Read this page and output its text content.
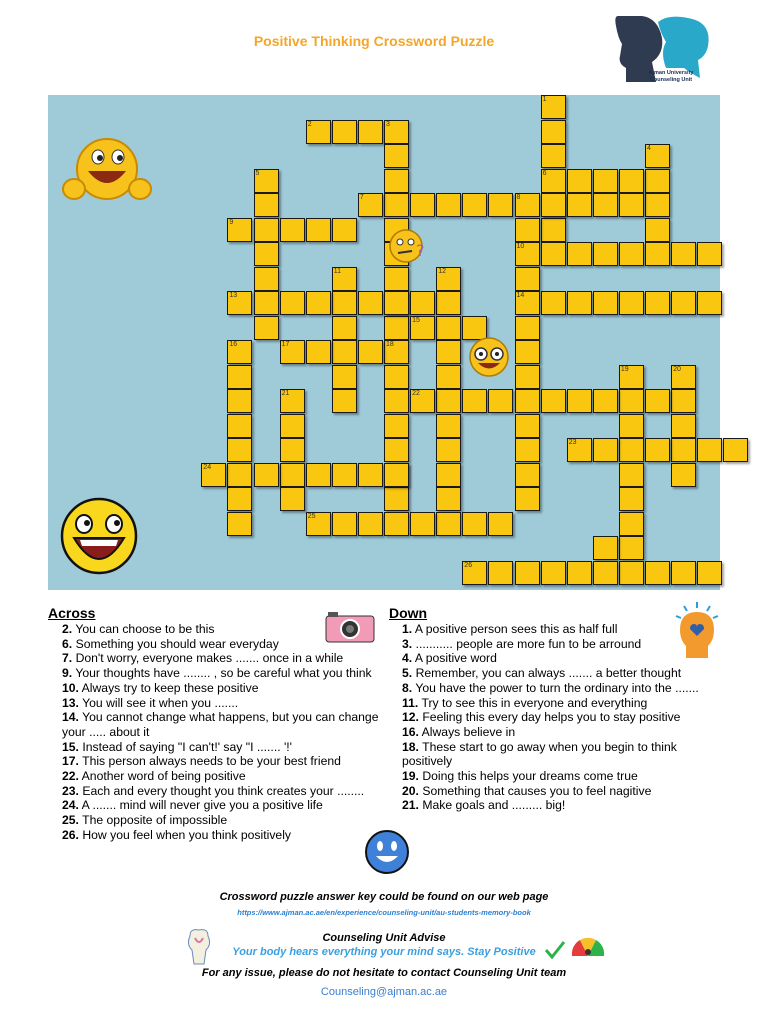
Positive Thinking Crossword Puzzle
Ajman University
Counseling Unit
1
6
2	3
18
4
5
7	8
9
10
14
11	12
13
15
16	17
19	20
21	22
23
24
25
26
?
Across	Down

2. You can choose to be this

6. Something you should wear everyday

7. Don't worry, everyone makes ....... once in a while

9. Your thoughts have ........ , so be careful what you think

10. Always try to keep these positive

13. You will see it when you .......

14. You cannot change what happens, but you can change your ..... about it

15. Instead of saying "I can't!' say "I ....... '!'

17. This person always needs to be your best friend

22. Another word of being positive

23. Each and every thought you think creates your ........

24. A ....... mind will never give you a positive life

25. The opposite of impossible

26. How you feel when you think positively

1. A positive person sees this as half full

3. ........... people are more fun to be arround

4. A positive word

5. Remember, you can always ....... a better thought

8. You have the power to turn the ordinary into the .......

11. Try to see this in everyone and everything

12. Feeling this every day helps you to stay positive

16. Always believe in

18. These start to go away when you begin to think positively

19. Doing this helps your dreams come true

20. Something that causes you to feel nagitive

21. Make goals and ......... big!

Crossword puzzle answer key could be found on our web page
https://www.ajman.ac.ae/en/experience/counseling-unit/au-students-memory-book
Counseling Unit Advise
Your body hears everything your mind says. Stay Positive
For any issue, please do not hesitate to contact Counseling Unit team
Counseling@ajman.ac.ae
